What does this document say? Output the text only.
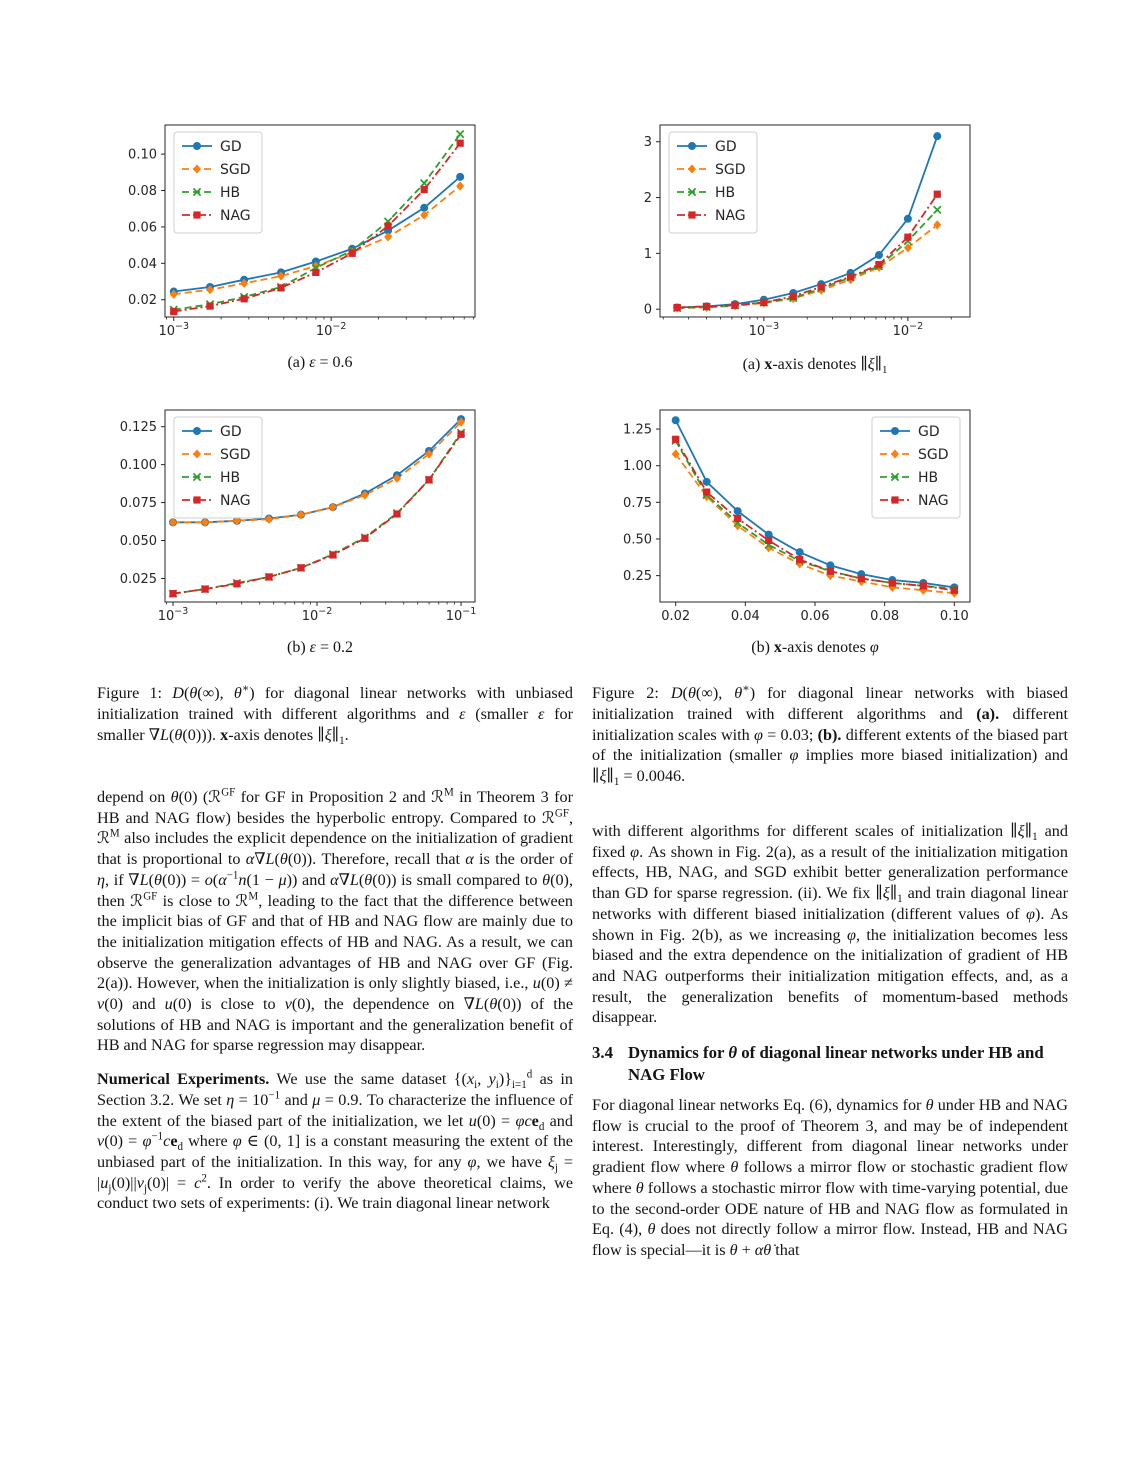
$10^{-3}$	$10^{-2}$
0.02
0.04
0.06
0.08
0.10
GD
SGD
HB
NAG
(a) ε = 0.6
$10^{-3}$	$10^{-2}$
0
1
2
3	GD
SGD
HB
NAG
(a) x-axis denotes $\parallel\xi\parallel_1$
$10^{-3}$	$10^{-2}$	$10^{-1}$
0.025
0.050
0.075
0.100
0.125	GD
SGD
HB
NAG
(b) ε = 0.2
0.02	0.04	0.06	0.08	0.10
0.25
0.50
0.75
1.00
1.25	GD
SGD
HB
NAG
(b) x-axis denotes φ
Figure 1: D(θ(∞), θ∗) for diagonal linear networks with unbiased initialization trained with different algorithms and ε (smaller ε for smaller ∇L(θ(0))). x-axis denotes $\parallel\xi\parallel_1$.
Figure 2: D(θ(∞), θ∗) for diagonal linear networks with biased initialization trained with different algorithms and (a). different initialization scales with φ = 0.03; (b). different extents of the biased part of the initialization (smaller φ implies more biased initialization) and $\parallel\xi\parallel_1 = 0.0046$.

depend on θ(0) (ℛ$^{GF}$ for GF in Proposition 2 and ℛ$^M$ in Theorem 3 for HB and NAG flow) besides the hyperbolic entropy. Compared to ℛ$^{GF}$, ℛ$^M$ also includes the explicit dependence on the initialization of gradient that is proportional to α∇L(θ(0)). Therefore, recall that α is the order of η, if $\nabla L(\theta(0)) = o(\alpha^{-1}n(1 - \mu))$ and α∇L(θ(0)) is small compared to θ(0), then ℛ$^{GF}$ is close to ℛ$^M$, leading to the fact that the difference between the implicit bias of GF and that of HB and NAG flow are mainly due to the initialization mitigation effects of HB and NAG. As a result, we can observe the generalization advantages of HB and NAG over GF (Fig. 2(a)). However, when the initialization is only slightly biased, i.e., u(0) ≠ v(0) and u(0) is close to v(0), the dependence on ∇L(θ(0)) of the solutions of HB and NAG is important and the generalization benefit of HB and NAG for sparse regression may disappear.

Numerical Experiments. We use the same dataset {($x_i$, $y_i)\}_{i=1}^d$ as in Section 3.2. We set $\eta = 10^{-1}$ and μ = 0.9. To characterize the influence of the extent of the biased part of the initialization, we let u(0) = φce$_d$ and $v(0) = \varphi^{-1}ce_d$ where φ ∈ (0, 1] is a constant measuring the extent of the unbiased part of the initialization. In this way, for any φ, we have $\xi_j = |u_j(0)||v_j(0)| = c^2$. In order to verify the above theoretical claims, we conduct two sets of experiments: (i). We train diagonal linear network

with different algorithms for different scales of initialization $\parallel\xi\parallel_1$ and fixed φ. As shown in Fig. 2(a), as a result of the initialization mitigation effects, HB, NAG, and SGD exhibit better generalization performance than GD for sparse regression. (ii). We fix $\parallel\xi\parallel_1$ and train diagonal linear networks with different biased initialization (different values of φ). As shown in Fig. 2(b), as we increasing φ, the initialization becomes less biased and the extra dependence on the initialization of gradient of HB and NAG outperforms their initialization mitigation effects, and, as a result, the generalization benefits of momentum-based methods disappear.

3.4 Dynamics for θ of diagonal linear networks under HB and NAG Flow

For diagonal linear networks Eq. (6), dynamics for θ under HB and NAG flow is crucial to the proof of Theorem 3, and may be of independent interest. Interestingly, different from diagonal linear networks under gradient flow where θ follows a mirror flow or stochastic gradient flow where θ follows a stochastic mirror flow with time-varying potential, due to the second-order ODE nature of HB and NAG flow as formulated in Eq. (4), θ does not directly follow a mirror flow. Instead, HB and NAG flow is special—it is θ + αθ̇ that
